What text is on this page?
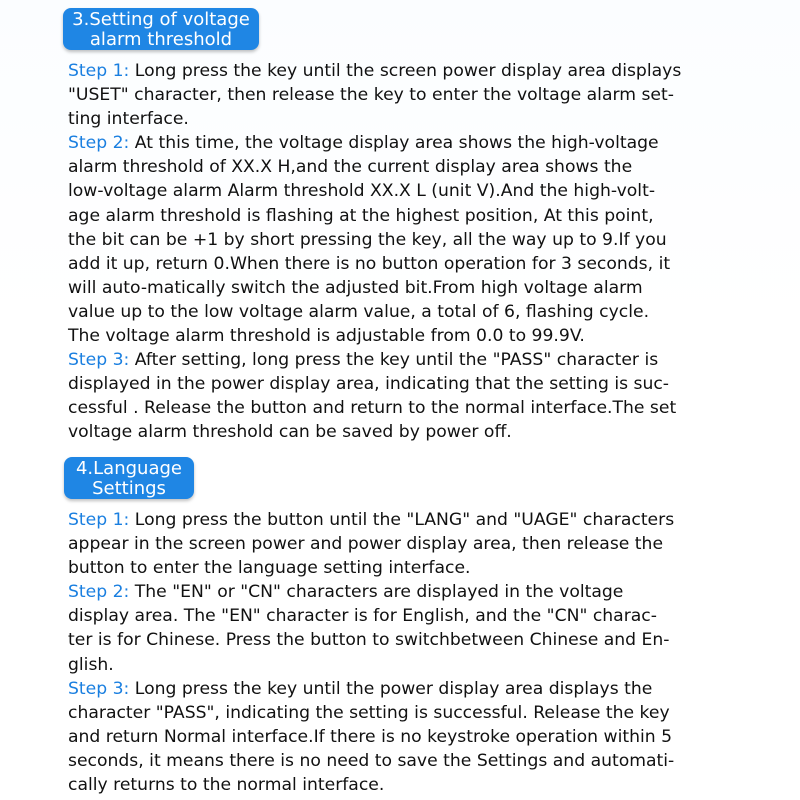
3.Setting of voltage
alarm threshold

Step 1: Long press the key until the screen power display area displays
"USET" character, then release the key to enter the voltage alarm set-
ting interface.

Step 2: At this time, the voltage display area shows the high-voltage
alarm threshold of XX.X H,and the current display area shows the
low-voltage alarm Alarm threshold XX.X L (unit V).And the high-volt-
age alarm threshold is flashing at the highest position, At this point,
the bit can be +1 by short pressing the key, all the way up to 9.If you
add it up, return 0.When there is no button operation for 3 seconds, it
will auto-matically switch the adjusted bit.From high voltage alarm
value up to the low voltage alarm value, a total of 6, flashing cycle.
The voltage alarm threshold is adjustable from 0.0 to 99.9V.

Step 3: After setting, long press the key until the "PASS" character is
displayed in the power display area, indicating that the setting is suc-
cessful . Release the button and return to the normal interface.The set
voltage alarm threshold can be saved by power off.

4.Language
Settings

Step 1: Long press the button until the "LANG" and "UAGE" characters
appear in the screen power and power display area, then release the
button to enter the language setting interface.

Step 2: The "EN" or "CN" characters are displayed in the voltage
display area. The "EN" character is for English, and the "CN" charac-
ter is for Chinese. Press the button to switchbetween Chinese and En-
glish.

Step 3: Long press the key until the power display area displays the
character "PASS", indicating the setting is successful. Release the key
and return Normal interface.If there is no keystroke operation within 5
seconds, it means there is no need to save the Settings and automati-
cally returns to the normal interface.
